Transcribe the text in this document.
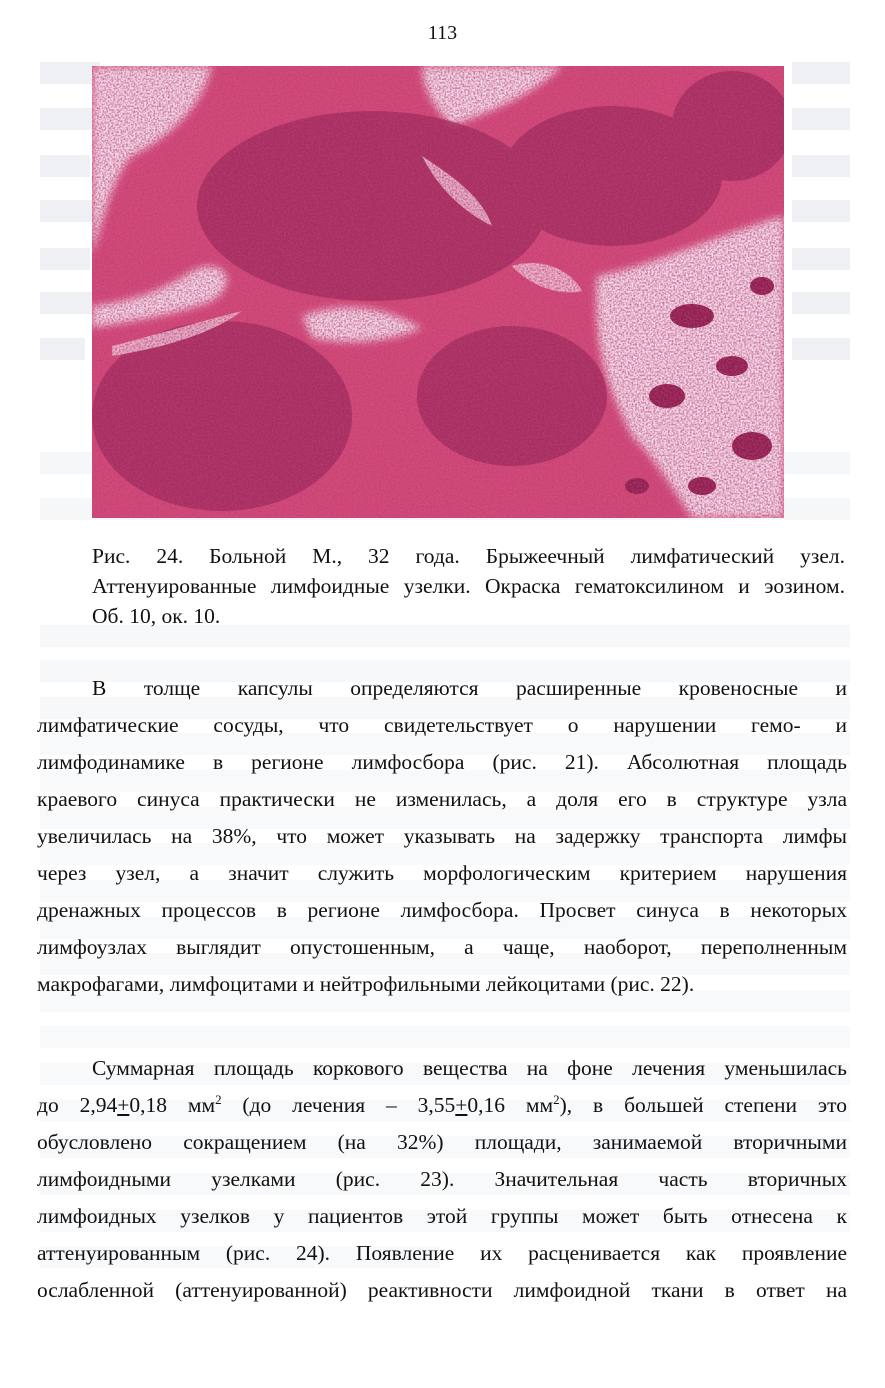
113
Рис. 24. Больной М., 32 года. Брыжеечный лимфатический узел.
Аттенуированные лимфоидные узелки. Окраска гематоксилином и эозином.
Об. 10, ок. 10.
В толще капсулы определяются расширенные кровеносные и
лимфатические сосуды, что свидетельствует о нарушении гемо- и
лимфодинамике в регионе лимфосбора (рис. 21). Абсолютная площадь
краевого синуса практически не изменилась, а доля его в структуре узла
увеличилась на 38%, что может указывать на задержку транспорта лимфы
через узел, а значит служить морфологическим критерием нарушения
дренажных процессов в регионе лимфосбора. Просвет синуса в некоторых
лимфоузлах выглядит опустошенным, а чаще, наоборот, переполненным
макрофагами, лимфоцитами и нейтрофильными лейкоцитами (рис. 22).
Суммарная площадь коркового вещества на фоне лечения уменьшилась
до 2,94+0,18 $мм^2$ (до лечения – 3,55+0,16 $мм^2$), в большей степени это
обусловлено сокращением (на 32%) площади, занимаемой вторичными
лимфоидными узелками (рис. 23). Значительная часть вторичных
лимфоидных узелков у пациентов этой группы может быть отнесена к
аттенуированным (рис. 24). Появление их расценивается как проявление
ослабленной (аттенуированной) реактивности лимфоидной ткани в ответ на
